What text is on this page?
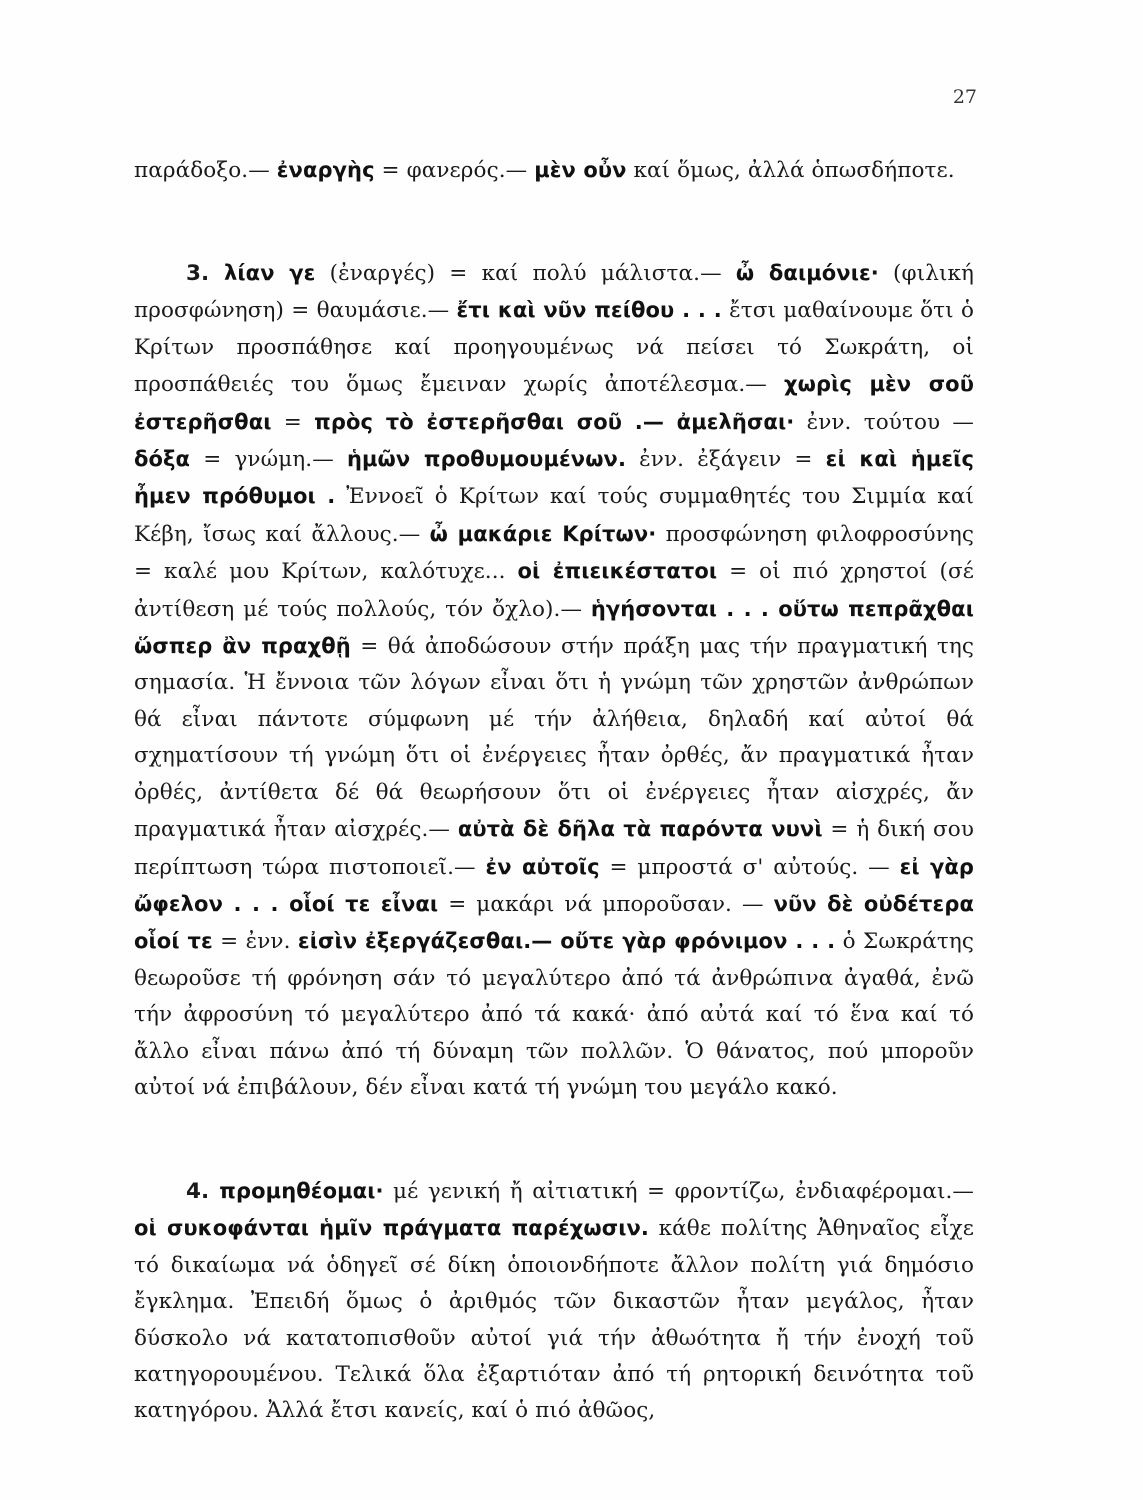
27

παράδοξο.— ἐναργὴς = φανερός.— μὲν οὖν καί ὅμως, ἀλλά ὁπωσδήποτε.

3. λίαν γε (ἐναργές) = καί πολύ μάλιστα.— ὦ δαιμόνιε· (φιλική προσφώνηση) = θαυμάσιε.— ἔτι καὶ νῦν πείθου . . . ἔτσι μαθαίνουμε ὅτι ὁ Κρίτων προσπάθησε καί προηγουμένως νά πείσει τό Σωκράτη, οἱ προσπάθειές του ὅμως ἔμειναν χωρίς ἀποτέλεσμα.— χωρὶς μὲν σοῦ ἐστερῆσθαι = πρὸς τὸ ἐστερῆσθαι σοῦ .— ἀμελῆσαι· ἐνν. τούτου — δόξα = γνώμη.— ἡμῶν προθυμουμένων. ἐνν. ἐξάγειν = εἰ καὶ ἡμεῖς ἦμεν πρόθυμοι . Ἐννοεῖ ὁ Κρίτων καί τούς συμμαθητές του Σιμμία καί Κέβη, ἴσως καί ἄλλους.— ὦ μακάριε Κρίτων· προσφώνηση φιλοφροσύνης = καλέ μου Κρίτων, καλότυχε... οἱ ἐπιεικέστατοι = οἱ πιό χρηστοί (σέ ἀντίθεση μέ τούς πολλούς, τόν ὄχλο).— ἡγήσονται . . . οὕτω πεπρᾶχθαι ὥσπερ ἂν πραχθῇ = θά ἀποδώσουν στήν πράξη μας τήν πραγματική της σημασία. Ἡ ἔννοια τῶν λόγων εἶναι ὅτι ἡ γνώμη τῶν χρηστῶν ἀνθρώπων θά εἶναι πάντοτε σύμφωνη μέ τήν ἀλήθεια, δηλαδή καί αὐτοί θά σχηματίσουν τή γνώμη ὅτι οἱ ἐνέργειες ἦταν ὀρθές, ἄν πραγματικά ἦταν ὀρθές, ἀντίθετα δέ θά θεωρήσουν ὅτι οἱ ἐνέργειες ἦταν αἰσχρές, ἄν πραγματικά ἦταν αἰσχρές.— αὐτὰ δὲ δῆλα τὰ παρόντα νυνὶ = ἡ δική σου περίπτωση τώρα πιστοποιεῖ.— ἐν αὐτοῖς = μπροστά σ' αὐτούς. — εἰ γὰρ ὤφελον . . . οἷοί τε εἶναι = μακάρι νά μποροῦσαν. — νῦν δὲ οὐδέτερα οἷοί τε = ἐνν. εἰσὶν ἐξεργάζεσθαι.— οὔτε γὰρ φρόνιμον . . . ὁ Σωκράτης θεωροῦσε τή φρόνηση σάν τό μεγαλύτερο ἀπό τά ἀνθρώπινα ἀγαθά, ἐνῶ τήν ἀφροσύνη τό μεγαλύτερο ἀπό τά κακά· ἀπό αὐτά καί τό ἕνα καί τό ἄλλο εἶναι πάνω ἀπό τή δύναμη τῶν πολλῶν. Ὁ θάνατος, πού μποροῦν αὐτοί νά ἐπιβάλουν, δέν εἶναι κατά τή γνώμη του μεγάλο κακό.

4. προμηθέομαι· μέ γενική ἤ αἰτιατική = φροντίζω, ἐνδιαφέρομαι.— οἱ συκοφάνται ἡμῖν πράγματα παρέχωσιν. κάθε πολίτης Ἀθηναῖος εἶχε τό δικαίωμα νά ὁδηγεῖ σέ δίκη ὁποιονδήποτε ἄλλον πολίτη γιά δημόσιο ἔγκλημα. Ἐπειδή ὅμως ὁ ἀριθμός τῶν δικαστῶν ἦταν μεγάλος, ἦταν δύσκολο νά κατατοπισθοῦν αὐτοί γιά τήν ἀθωότητα ἤ τήν ἐνοχή τοῦ κατηγορουμένου. Τελικά ὅλα ἐξαρτιόταν ἀπό τή ρητορική δεινότητα τοῦ κατηγόρου. Ἀλλά ἔτσι κανείς, καί ὁ πιό ἀθῶος,
